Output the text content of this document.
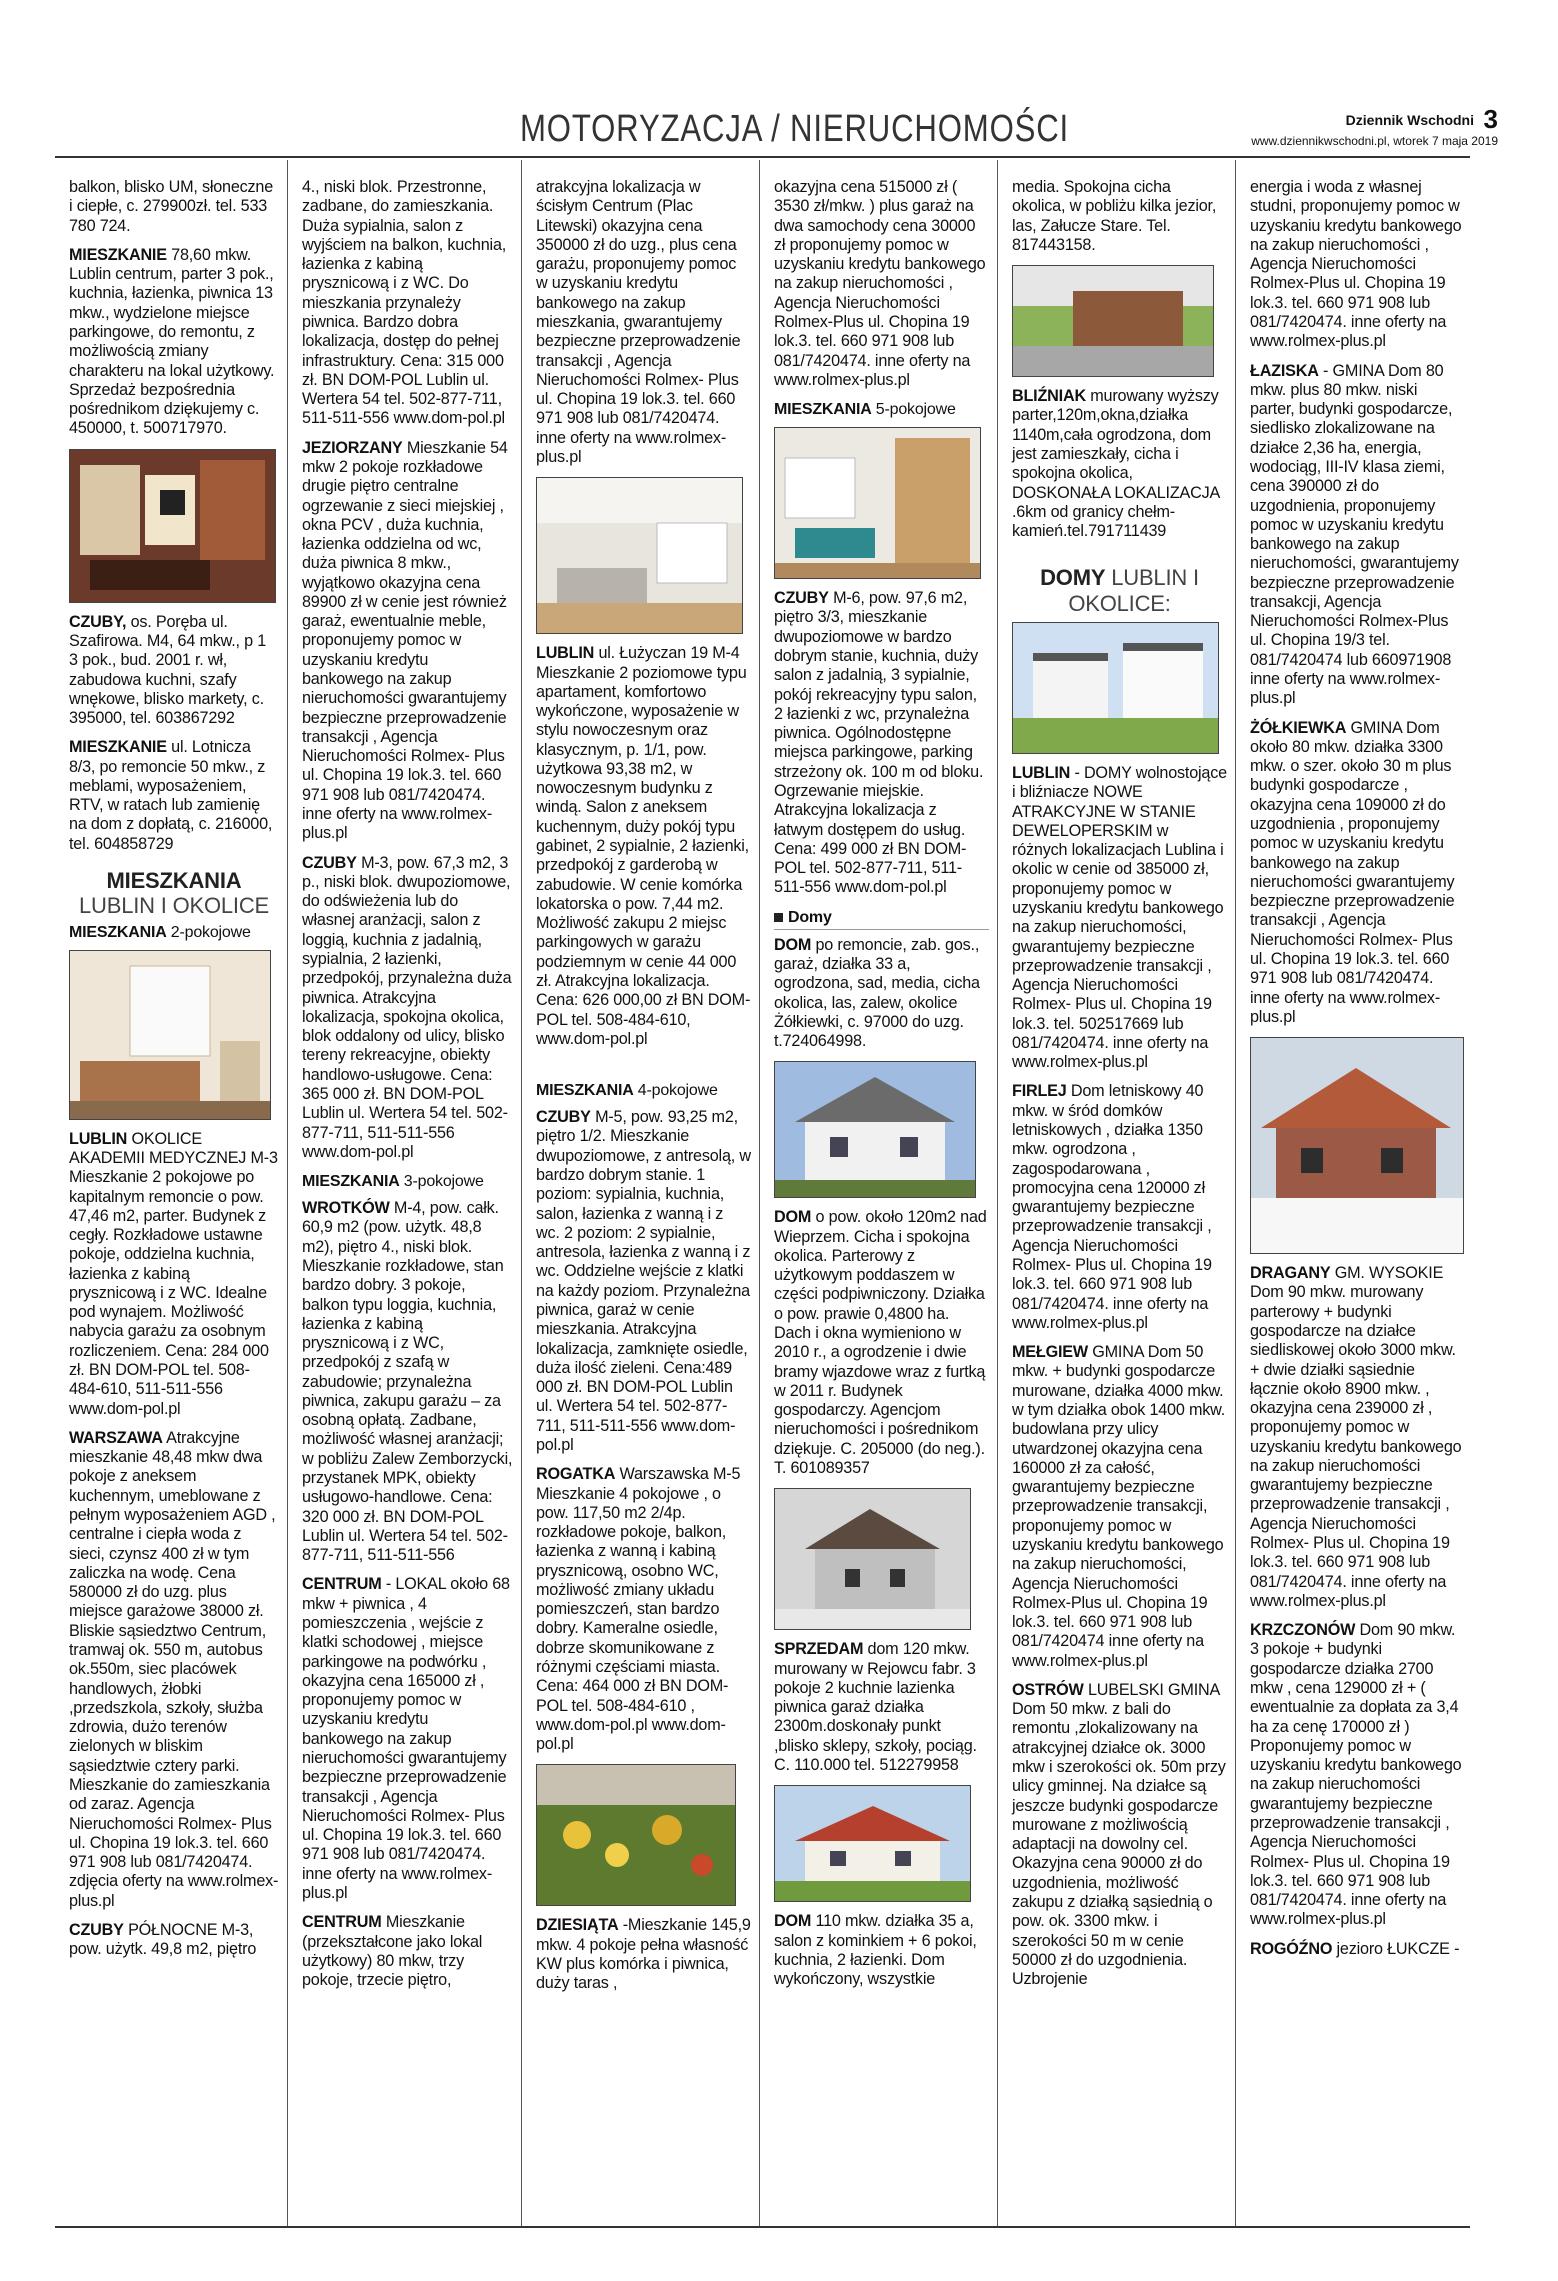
MOTORYZACJA / NIERUCHOMOŚCI	Dziennik Wschodni 3
www.dziennikwschodni.pl, wtorek 7 maja 2019
balkon, blisko UM, słoneczne i ciepłe, c. 279900zł. tel. 533 780 724.
MIESZKANIE 78,60 mkw. Lublin centrum, parter 3 pok., kuchnia, łazienka, piwnica 13 mkw., wydzielone miejsce parkingowe, do remontu, z możliwością zmiany charakteru na lokal użytkowy. Sprzedaż bezpośrednia pośrednikom dziękujemy c. 450000, t. 500717970.
CZUBY, os. Poręba ul. Szafirowa. M4, 64 mkw., p 1 3 pok., bud. 2001 r. wł, zabudowa kuchni, szafy wnękowe, blisko markety, c. 395000, tel. 603867292
MIESZKANIE ul. Lotnicza 8/3, po remoncie 50 mkw., z meblami, wyposażeniem, RTV, w ratach lub zamienię na dom z dopłatą, c. 216000, tel. 604858729
MIESZKANIA
LUBLIN I OKOLICE
MIESZKANIA 2-pokojowe
LUBLIN OKOLICE AKADEMII MEDYCZNEJ M-3 Mieszkanie 2 pokojowe po kapitalnym remoncie o pow. 47,46 m2, parter. Budynek z cegły. Rozkładowe ustawne pokoje, oddzielna kuchnia, łazienka z kabiną prysznicową i z WC. Idealne pod wynajem. Możliwość nabycia garażu za osobnym rozliczeniem. Cena: 284 000 zł. BN DOM-POL tel. 508-484-610, 511-511-556 www.dom-pol.pl
WARSZAWA Atrakcyjne mieszkanie 48,48 mkw dwa pokoje z aneksem kuchennym, umeblowane z pełnym wyposażeniem AGD , centralne i ciepła woda z sieci, czynsz 400 zł w tym zaliczka na wodę. Cena 580000 zł do uzg. plus miejsce garażowe 38000 zł. Bliskie sąsiedztwo Centrum, tramwaj ok. 550 m, autobus ok.550m, siec placówek handlowych, żłobki ,przedszkola, szkoły, służba zdrowia, dużo terenów zielonych w bliskim sąsiedztwie cztery parki. Mieszkanie do zamieszkania od zaraz. Agencja Nieruchomości Rolmex- Plus ul. Chopina 19 lok.3. tel. 660 971 908 lub 081/7420474. zdjęcia oferty na www.rolmex-plus.pl
CZUBY PÓŁNOCNE M-3, pow. użytk. 49,8 m2, piętro
4., niski blok. Przestronne, zadbane, do zamieszkania. Duża sypialnia, salon z wyjściem na balkon, kuchnia, łazienka z kabiną prysznicową i z WC. Do mieszkania przynależy piwnica. Bardzo dobra lokalizacja, dostęp do pełnej infrastruktury. Cena: 315 000 zł. BN DOM-POL Lublin ul. Wertera 54 tel. 502-877-711, 511-511-556 www.dom-pol.pl
JEZIORZANY Mieszkanie 54 mkw 2 pokoje rozkładowe drugie piętro centralne ogrzewanie z sieci miejskiej , okna PCV , duża kuchnia, łazienka oddzielna od wc, duża piwnica 8 mkw., wyjątkowo okazyjna cena 89900 zł w cenie jest również garaż, ewentualnie meble, proponujemy pomoc w uzyskaniu kredytu bankowego na zakup nieruchomości gwarantujemy bezpieczne przeprowadzenie transakcji , Agencja Nieruchomości Rolmex- Plus ul. Chopina 19 lok.3. tel. 660 971 908 lub 081/7420474. inne oferty na www.rolmex-plus.pl
CZUBY M-3, pow. 67,3 m2, 3 p., niski blok. dwupoziomowe, do odświeżenia lub do własnej aranżacji, salon z loggią, kuchnia z jadalnią, sypialnia, 2 łazienki, przedpokój, przynależna duża piwnica. Atrakcyjna lokalizacja, spokojna okolica, blok oddalony od ulicy, blisko tereny rekreacyjne, obiekty handlowo-usługowe. Cena: 365 000 zł. BN DOM-POL Lublin ul. Wertera 54 tel. 502-877-711, 511-511-556 www.dom-pol.pl
MIESZKANIA 3-pokojowe
WROTKÓW M-4, pow. całk. 60,9 m2 (pow. użytk. 48,8 m2), piętro 4., niski blok. Mieszkanie rozkładowe, stan bardzo dobry. 3 pokoje, balkon typu loggia, kuchnia, łazienka z kabiną prysznicową i z WC, przedpokój z szafą w zabudowie; przynależna piwnica, zakupu garażu – za osobną opłatą. Zadbane, możliwość własnej aranżacji; w pobliżu Zalew Zemborzycki, przystanek MPK, obiekty usługowo-handlowe. Cena: 320 000 zł. BN DOM-POL Lublin ul. Wertera 54 tel. 502-877-711, 511-511-556
CENTRUM - LOKAL około 68 mkw + piwnica , 4 pomieszczenia , wejście z klatki schodowej , miejsce parkingowe na podwórku , okazyjna cena 165000 zł , proponujemy pomoc w uzyskaniu kredytu bankowego na zakup nieruchomości gwarantujemy bezpieczne przeprowadzenie transakcji , Agencja Nieruchomości Rolmex- Plus ul. Chopina 19 lok.3. tel. 660 971 908 lub 081/7420474. inne oferty na www.rolmex-plus.pl
CENTRUM Mieszkanie (przekształcone jako lokal użytkowy) 80 mkw, trzy pokoje, trzecie piętro,
atrakcyjna lokalizacja w ścisłym Centrum (Plac Litewski) okazyjna cena 350000 zł do uzg., plus cena garażu, proponujemy pomoc w uzyskaniu kredytu bankowego na zakup mieszkania, gwarantujemy bezpieczne przeprowadzenie transakcji , Agencja Nieruchomości Rolmex- Plus ul. Chopina 19 lok.3. tel. 660 971 908 lub 081/7420474. inne oferty na www.rolmex-plus.pl
LUBLIN ul. Łużyczan 19 M-4 Mieszkanie 2 poziomowe typu apartament, komfortowo wykończone, wyposażenie w stylu nowoczesnym oraz klasycznym, p. 1/1, pow. użytkowa 93,38 m2, w nowoczesnym budynku z windą. Salon z aneksem kuchennym, duży pokój typu gabinet, 2 sypialnie, 2 łazienki, przedpokój z garderobą w zabudowie. W cenie komórka lokatorska o pow. 7,44 m2. Możliwość zakupu 2 miejsc parkingowych w garażu podziemnym w cenie 44 000 zł. Atrakcyjna lokalizacja. Cena: 626 000,00 zł BN DOM-POL tel. 508-484-610, www.dom-pol.pl
MIESZKANIA 4-pokojowe
CZUBY M-5, pow. 93,25 m2, piętro 1/2. Mieszkanie dwupoziomowe, z antresolą, w bardzo dobrym stanie. 1 poziom: sypialnia, kuchnia, salon, łazienka z wanną i z wc. 2 poziom: 2 sypialnie, antresola, łazienka z wanną i z wc. Oddzielne wejście z klatki na każdy poziom. Przynależna piwnica, garaż w cenie mieszkania. Atrakcyjna lokalizacja, zamknięte osiedle, duża ilość zieleni. Cena:489 000 zł. BN DOM-POL Lublin ul. Wertera 54 tel. 502-877-711, 511-511-556 www.dom-pol.pl
ROGATKA Warszawska M-5 Mieszkanie 4 pokojowe , o pow. 117,50 m2 2/4p. rozkładowe pokoje, balkon, łazienka z wanną i kabiną prysznicową, osobno WC, możliwość zmiany układu pomieszczeń, stan bardzo dobry. Kameralne osiedle, dobrze skomunikowane z różnymi częściami miasta. Cena: 464 000 zł BN DOM-POL tel. 508-484-610 , www.dom-pol.pl www.dom-pol.pl
DZIESIĄTA -Mieszkanie 145,9 mkw. 4 pokoje pełna własność KW plus komórka i piwnica, duży taras ,
okazyjna cena 515000 zł ( 3530 zł/mkw. ) plus garaż na dwa samochody cena 30000 zł proponujemy pomoc w uzyskaniu kredytu bankowego na zakup nieruchomości , Agencja Nieruchomości Rolmex-Plus ul. Chopina 19 lok.3. tel. 660 971 908 lub 081/7420474. inne oferty na www.rolmex-plus.pl
MIESZKANIA 5-pokojowe
CZUBY M-6, pow. 97,6 m2, piętro 3/3, mieszkanie dwupoziomowe w bardzo dobrym stanie, kuchnia, duży salon z jadalnią, 3 sypialnie, pokój rekreacyjny typu salon, 2 łazienki z wc, przynależna piwnica. Ogólnodostępne miejsca parkingowe, parking strzeżony ok. 100 m od bloku. Ogrzewanie miejskie. Atrakcyjna lokalizacja z łatwym dostępem do usług. Cena: 499 000 zł BN DOM-POL tel. 502-877-711, 511-511-556 www.dom-pol.pl
Domy
DOM po remoncie, zab. gos., garaż, działka 33 a, ogrodzona, sad, media, cicha okolica, las, zalew, okolice Żółkiewki, c. 97000 do uzg. t.724064998.
DOM o pow. około 120m2 nad Wieprzem. Cicha i spokojna okolica. Parterowy z użytkowym poddaszem w części podpiwniczony. Działka o pow. prawie 0,4800 ha. Dach i okna wymieniono w 2010 r., a ogrodzenie i dwie bramy wjazdowe wraz z furtką w 2011 r. Budynek gospodarczy. Agencjom nieruchomości i pośrednikom dziękuje. C. 205000 (do neg.). T. 601089357
SPRZEDAM dom 120 mkw. murowany w Rejowcu fabr. 3 pokoje 2 kuchnie lazienka piwnica garaż działka 2300m.doskonały punkt ,blisko sklepy, szkoły, pociąg. C. 110.000 tel. 512279958
DOM 110 mkw. działka 35 a, salon z kominkiem + 6 pokoi, kuchnia, 2 łazienki. Dom wykończony, wszystkie
media. Spokojna cicha okolica, w pobliżu kilka jezior, las, Załucze Stare. Tel. 817443158.
BLIŹNIAK murowany wyższy parter,120m,okna,działka 1140m,cała ogrodzona, dom jest zamieszkały, cicha i spokojna okolica, DOSKONAŁA LOKALIZACJA .6km od granicy chełm-kamień.tel.791711439
DOMY LUBLIN I
OKOLICE:
LUBLIN - DOMY wolnostojące i bliźniacze NOWE ATRAKCYJNE W STANIE DEWELOPERSKIM w różnych lokalizacjach Lublina i okolic w cenie od 385000 zł, proponujemy pomoc w uzyskaniu kredytu bankowego na zakup nieruchomości, gwarantujemy bezpieczne przeprowadzenie transakcji , Agencja Nieruchomości Rolmex- Plus ul. Chopina 19 lok.3. tel. 502517669 lub 081/7420474. inne oferty na www.rolmex-plus.pl
FIRLEJ Dom letniskowy 40 mkw. w śród domków letniskowych , działka 1350 mkw. ogrodzona , zagospodarowana , promocyjna cena 120000 zł gwarantujemy bezpieczne przeprowadzenie transakcji , Agencja Nieruchomości Rolmex- Plus ul. Chopina 19 lok.3. tel. 660 971 908 lub 081/7420474. inne oferty na www.rolmex-plus.pl
MEŁGIEW GMINA Dom 50 mkw. + budynki gospodarcze murowane, działka 4000 mkw. w tym działka obok 1400 mkw. budowlana przy ulicy utwardzonej okazyjna cena 160000 zł za całość, gwarantujemy bezpieczne przeprowadzenie transakcji, proponujemy pomoc w uzyskaniu kredytu bankowego na zakup nieruchomości, Agencja Nieruchomości Rolmex-Plus ul. Chopina 19 lok.3. tel. 660 971 908 lub 081/7420474 inne oferty na www.rolmex-plus.pl
OSTRÓW LUBELSKI GMINA Dom 50 mkw. z bali do remontu ,zlokalizowany na atrakcyjnej działce ok. 3000 mkw i szerokości ok. 50m przy ulicy gminnej. Na działce są jeszcze budynki gospodarcze murowane z możliwością adaptacji na dowolny cel. Okazyjna cena 90000 zł do uzgodnienia, możliwość zakupu z działką sąsiednią o pow. ok. 3300 mkw. i szerokości 50 m w cenie 50000 zł do uzgodnienia. Uzbrojenie
energia i woda z własnej studni, proponujemy pomoc w uzyskaniu kredytu bankowego na zakup nieruchomości , Agencja Nieruchomości Rolmex-Plus ul. Chopina 19 lok.3. tel. 660 971 908 lub 081/7420474. inne oferty na www.rolmex-plus.pl
ŁAZISKA - GMINA Dom 80 mkw. plus 80 mkw. niski parter, budynki gospodarcze, siedlisko zlokalizowane na działce 2,36 ha, energia, wodociąg, III-IV klasa ziemi, cena 390000 zł do uzgodnienia, proponujemy pomoc w uzyskaniu kredytu bankowego na zakup nieruchomości, gwarantujemy bezpieczne przeprowadzenie transakcji, Agencja Nieruchomości Rolmex-Plus ul. Chopina 19/3 tel. 081/7420474 lub 660971908 inne oferty na www.rolmex-plus.pl
ŻÓŁKIEWKA GMINA Dom około 80 mkw. działka 3300 mkw. o szer. około 30 m plus budynki gospodarcze , okazyjna cena 109000 zł do uzgodnienia , proponujemy pomoc w uzyskaniu kredytu bankowego na zakup nieruchomości gwarantujemy bezpieczne przeprowadzenie transakcji , Agencja Nieruchomości Rolmex- Plus ul. Chopina 19 lok.3. tel. 660 971 908 lub 081/7420474. inne oferty na www.rolmex-plus.pl
DRAGANY GM. WYSOKIE Dom 90 mkw. murowany parterowy + budynki gospodarcze na działce siedliskowej około 3000 mkw. + dwie działki sąsiednie łącznie około 8900 mkw. , okazyjna cena 239000 zł , proponujemy pomoc w uzyskaniu kredytu bankowego na zakup nieruchomości gwarantujemy bezpieczne przeprowadzenie transakcji , Agencja Nieruchomości Rolmex- Plus ul. Chopina 19 lok.3. tel. 660 971 908 lub 081/7420474. inne oferty na www.rolmex-plus.pl
KRZCZONÓW Dom 90 mkw. 3 pokoje + budynki gospodarcze działka 2700 mkw , cena 129000 zł + ( ewentualnie za dopłata za 3,4 ha za cenę 170000 zł ) Proponujemy pomoc w uzyskaniu kredytu bankowego na zakup nieruchomości gwarantujemy bezpieczne przeprowadzenie transakcji , Agencja Nieruchomości Rolmex- Plus ul. Chopina 19 lok.3. tel. 660 971 908 lub 081/7420474. inne oferty na www.rolmex-plus.pl
ROGÓŹNO jezioro ŁUKCZE -
